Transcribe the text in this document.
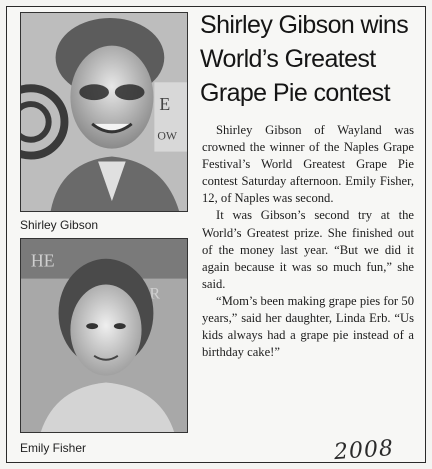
E
OW
Shirley Gibson
HE
R
Emily Fisher
Shirley Gibson wins
World’s Greatest
Grape Pie contest

Shirley Gibson of Wayland was crowned the winner of the Naples Grape Festival’s World Greatest Grape Pie contest Saturday afternoon. Emily Fisher, 12, of Naples was second.

It was Gibson’s second try at the World’s Greatest prize. She finished out of the money last year. “But we did it again because it was so much fun,” she said.

“Mom’s been making grape pies for 50 years,” said her daughter, Linda Erb. “Us kids always had a grape pie instead of a birthday cake!”

2008
